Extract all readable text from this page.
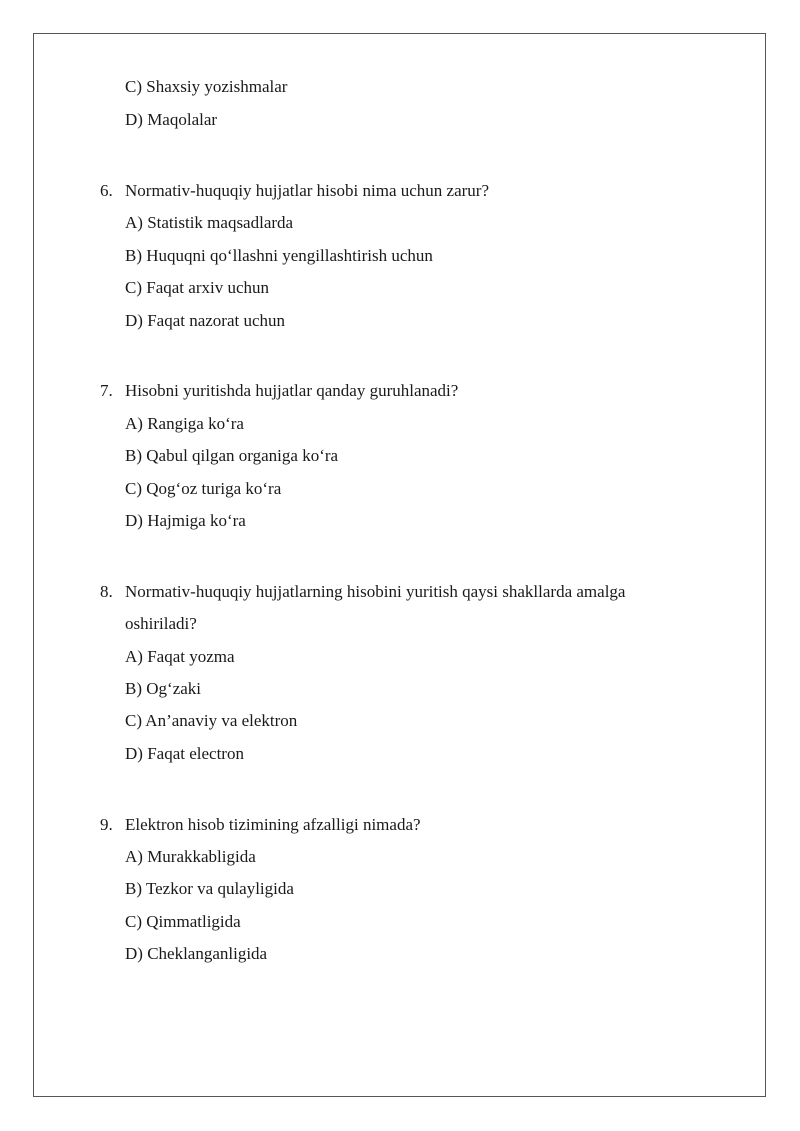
C) Shaxsiy yozishmalar
D) Maqolalar
6. Normativ-huquqiy hujjatlar hisobi nima uchun zarur?
A) Statistik maqsadlarda
B) Huquqni qo‘llashni yengillashtirish uchun
C) Faqat arxiv uchun
D) Faqat nazorat uchun
7. Hisobni yuritishda hujjatlar qanday guruhlanadi?
A) Rangiga ko‘ra
B) Qabul qilgan organiga ko‘ra
C) Qog‘oz turiga ko‘ra
D) Hajmiga ko‘ra
8. Normativ-huquqiy hujjatlarning hisobini yuritish qaysi shakllarda amalga
oshiriladi?
A) Faqat yozma
B) Og‘zaki
C) An’anaviy va elektron
D) Faqat electron
9. Elektron hisob tizimining afzalligi nimada?
A) Murakkabligida
B) Tezkor va qulayligida
C) Qimmatligida
D) Cheklanganligida
